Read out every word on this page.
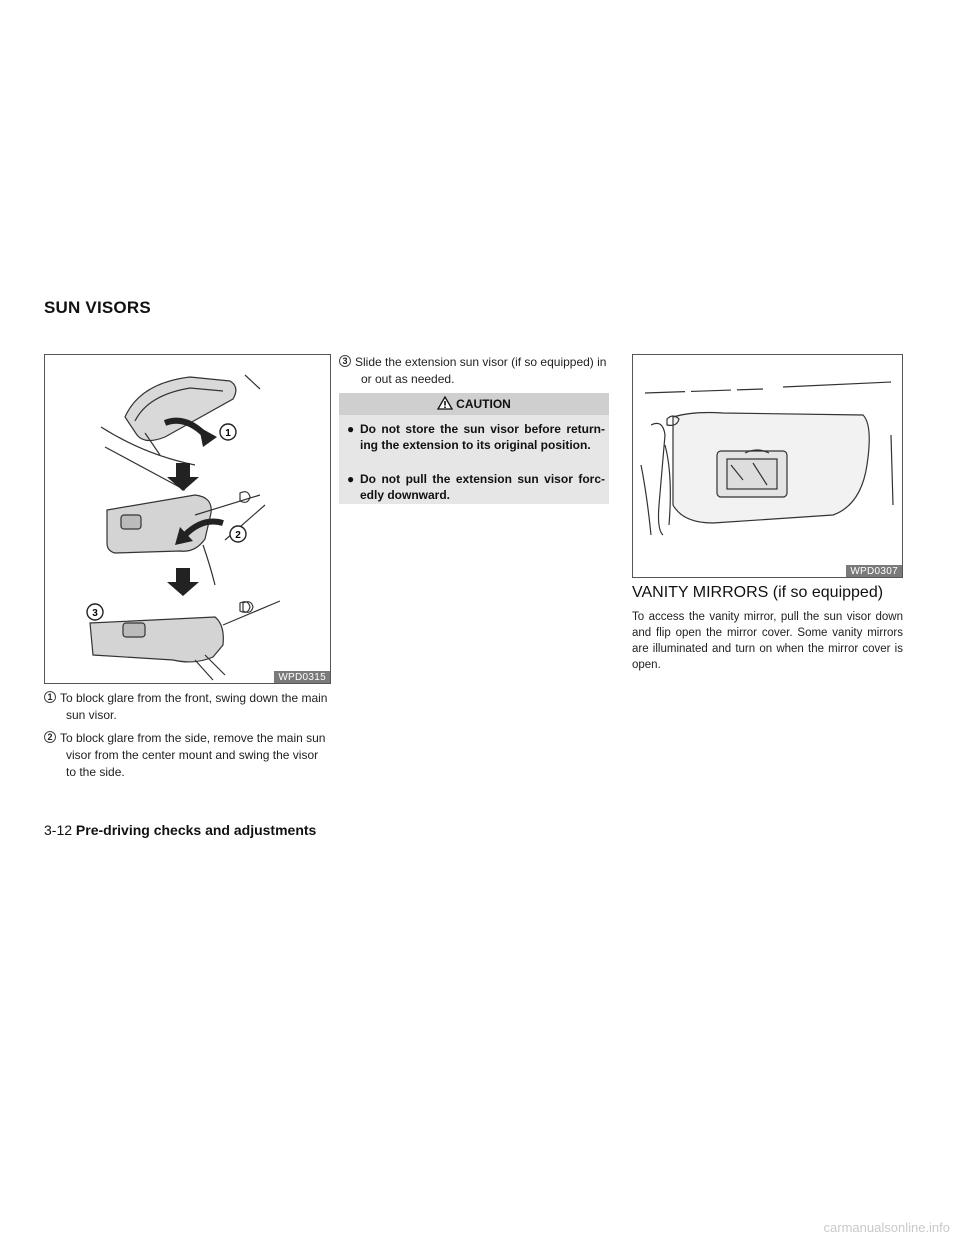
SUN VISORS
1
2
3
WPD0315
1 To block glare from the front, swing down the main sun visor.
2 To block glare from the side, remove the main sun visor from the center mount and swing the visor to the side.
3 Slide the extension sun visor (if so equipped) in or out as needed.
CAUTION
● Do not store the sun visor before return-ing the extension to its original position.
● Do not pull the extension sun visor forc-edly downward.
WPD0307
VANITY MIRRORS (if so equipped)
To access the vanity mirror, pull the sun visor down and flip open the mirror cover. Some vanity mirrors are illuminated and turn on when the mirror cover is open.
3-12 Pre-driving checks and adjustments
carmanualsonline.info
